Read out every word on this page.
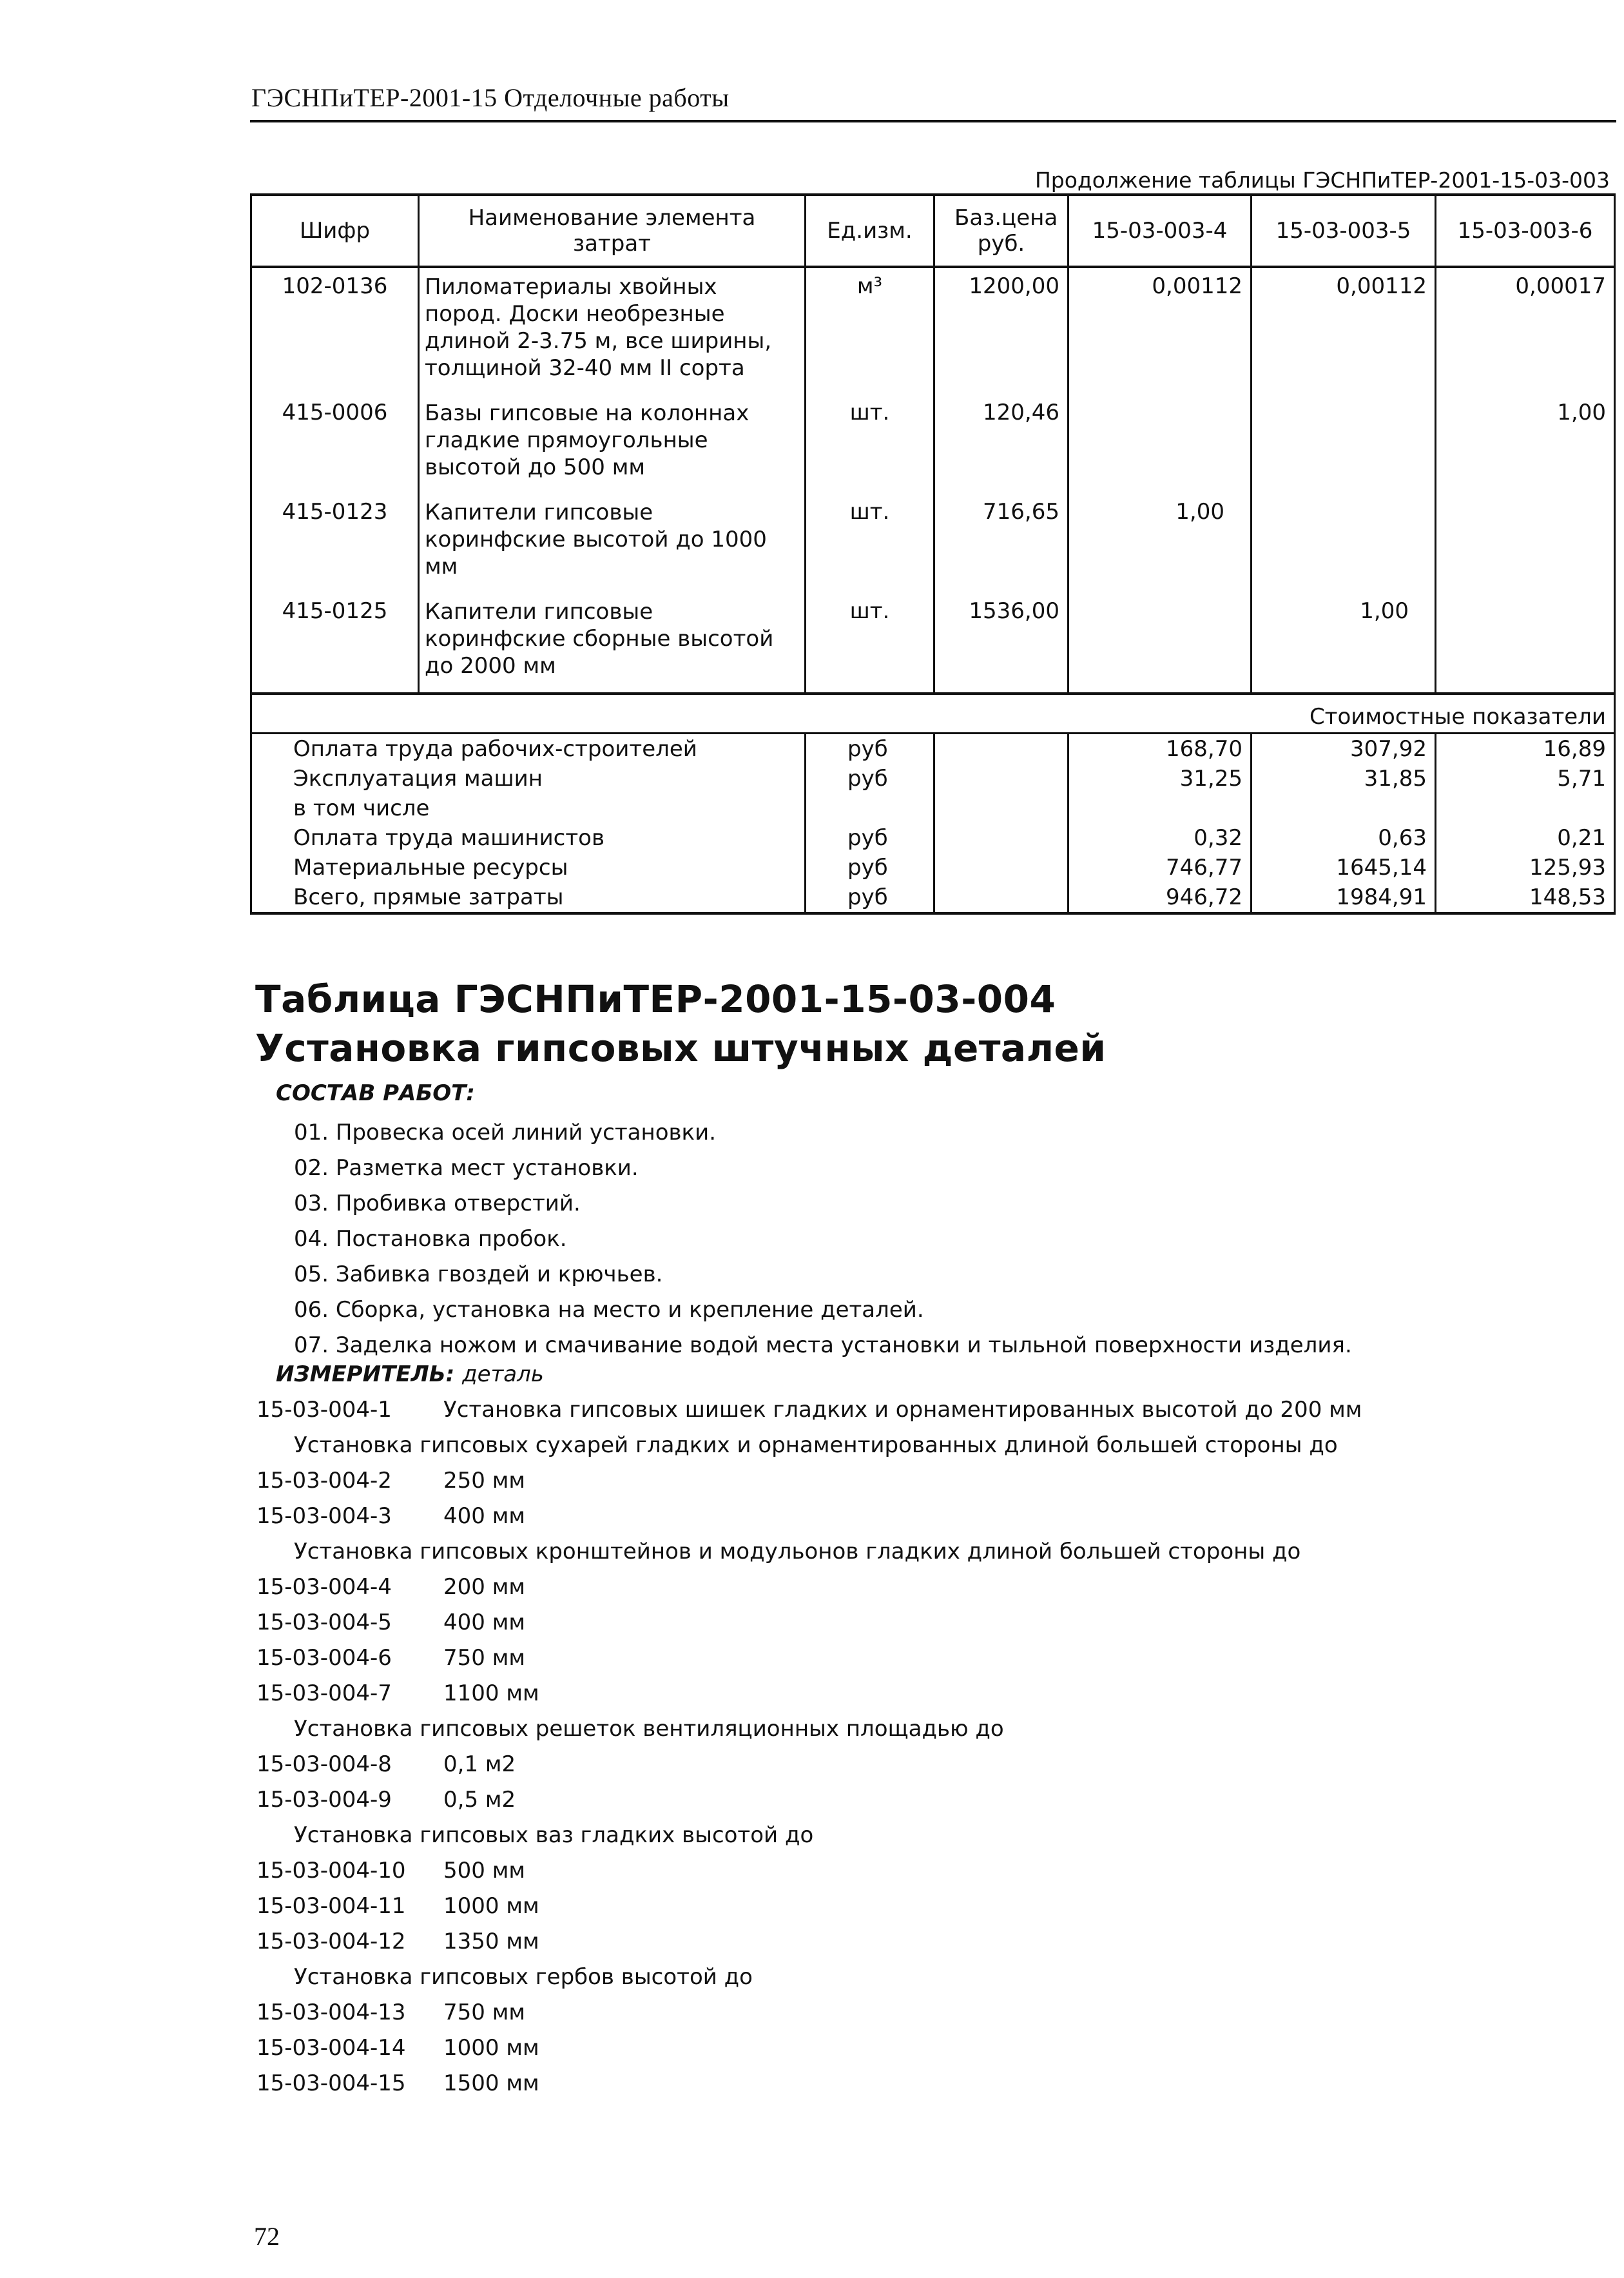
ГЭСНПиТЕР-2001-15 Отделочные работы
Продолжение таблицы ГЭСНПиТЕР-2001-15-03-003
Шифр	Наименование элемента затрат	Ед.изм.	Баз.цена руб.	15-03-003-4	15-03-003-5	15-03-003-6
102-0136	Пиломатериалы хвойных пород. Доски необрезные длиной 2-3.75 м, все ширины, толщиной 32-40 мм II сорта	м³	1200,00	0,00112	0,00112	0,00017
415-0006	Базы гипсовые на колоннах гладкие прямоугольные высотой до 500 мм	шт.	120,46			1,00
415-0123	Капители гипсовые коринфские высотой до 1000 мм	шт.	716,65	1,00		
415-0125	Капители гипсовые коринфские сборные высотой до 2000 мм	шт.	1536,00		1,00	
Стоимостные показатели						
Оплата труда рабочих-строителей		руб		168,70	307,92	16,89
Эксплуатация машин		руб		31,25	31,85	5,71
в том числе						
Оплата труда машинистов		руб		0,32	0,63	0,21
Материальные ресурсы		руб		746,77	1645,14	125,93
Всего, прямые затраты		руб		946,72	1984,91	148,53
Таблица ГЭСНПиТЕР-2001-15-03-004
Установка гипсовых штучных деталей
СОСТАВ РАБОТ:
01. Провеска осей линий установки.
02. Разметка мест установки.
03. Пробивка отверстий.
04. Постановка пробок.
05. Забивка гвоздей и крючьев.
06. Сборка, установка на место и крепление деталей.
07. Заделка ножом и смачивание водой места установки и тыльной поверхности изделия.
ИЗМЕРИТЕЛЬ: деталь
15-03-004-1 Установка гипсовых шишек гладких и орнаментированных высотой до 200 мм
Установка гипсовых сухарей гладких и орнаментированных длиной большей стороны до
15-03-004-2 250 мм
15-03-004-3 400 мм
Установка гипсовых кронштейнов и модульонов гладких длиной большей стороны до
15-03-004-4 200 мм
15-03-004-5 400 мм
15-03-004-6 750 мм
15-03-004-7 1100 мм
Установка гипсовых решеток вентиляционных площадью до
15-03-004-8 0,1 м2
15-03-004-9 0,5 м2
Установка гипсовых ваз гладких высотой до
15-03-004-10 500 мм
15-03-004-11 1000 мм
15-03-004-12 1350 мм
Установка гипсовых гербов высотой до
15-03-004-13 750 мм
15-03-004-14 1000 мм
15-03-004-15 1500 мм
72
